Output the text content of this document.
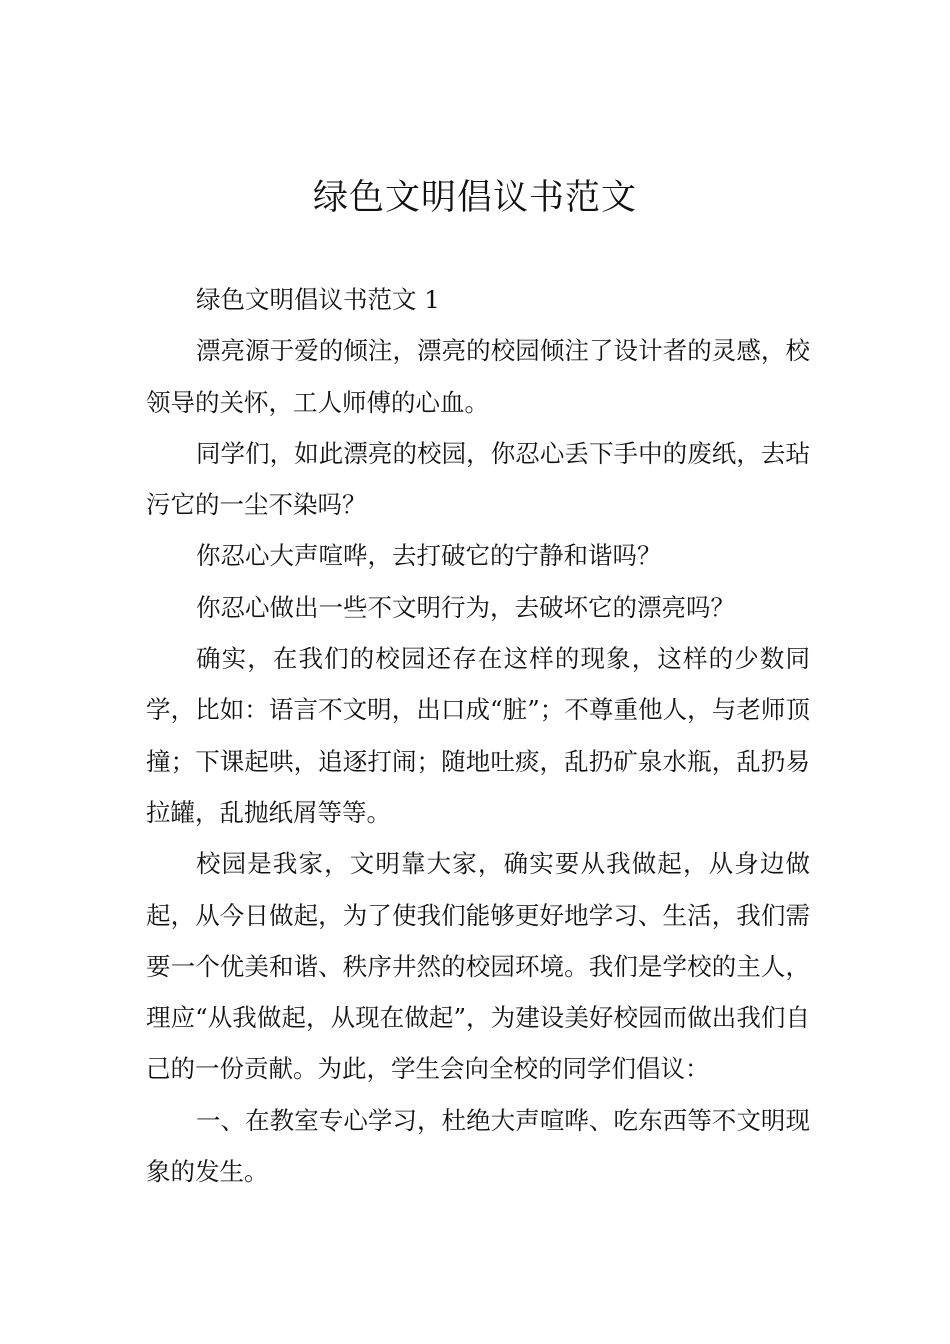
绿色文明倡议书范文

绿色文明倡议书范文 1

漂亮源于爱的倾注，漂亮的校园倾注了设计者的灵感，校领导的关怀，工人师傅的心血。

同学们，如此漂亮的校园，你忍心丢下手中的废纸，去玷污它的一尘不染吗？

你忍心大声喧哗，去打破它的宁静和谐吗？

你忍心做出一些不文明行为，去破坏它的漂亮吗？

确实，在我们的校园还存在这样的现象，这样的少数同学，比如：语言不文明，出口成“脏”；不尊重他人，与老师顶撞；下课起哄，追逐打闹；随地吐痰，乱扔矿泉水瓶，乱扔易拉罐，乱抛纸屑等等。

校园是我家，文明靠大家，确实要从我做起，从身边做起，从今日做起，为了使我们能够更好地学习、生活，我们需要一个优美和谐、秩序井然的校园环境。我们是学校的主人，理应“从我做起，从现在做起”，为建设美好校园而做出我们自己的一份贡献。为此，学生会向全校的同学们倡议：

一、在教室专心学习，杜绝大声喧哗、吃东西等不文明现象的发生。
